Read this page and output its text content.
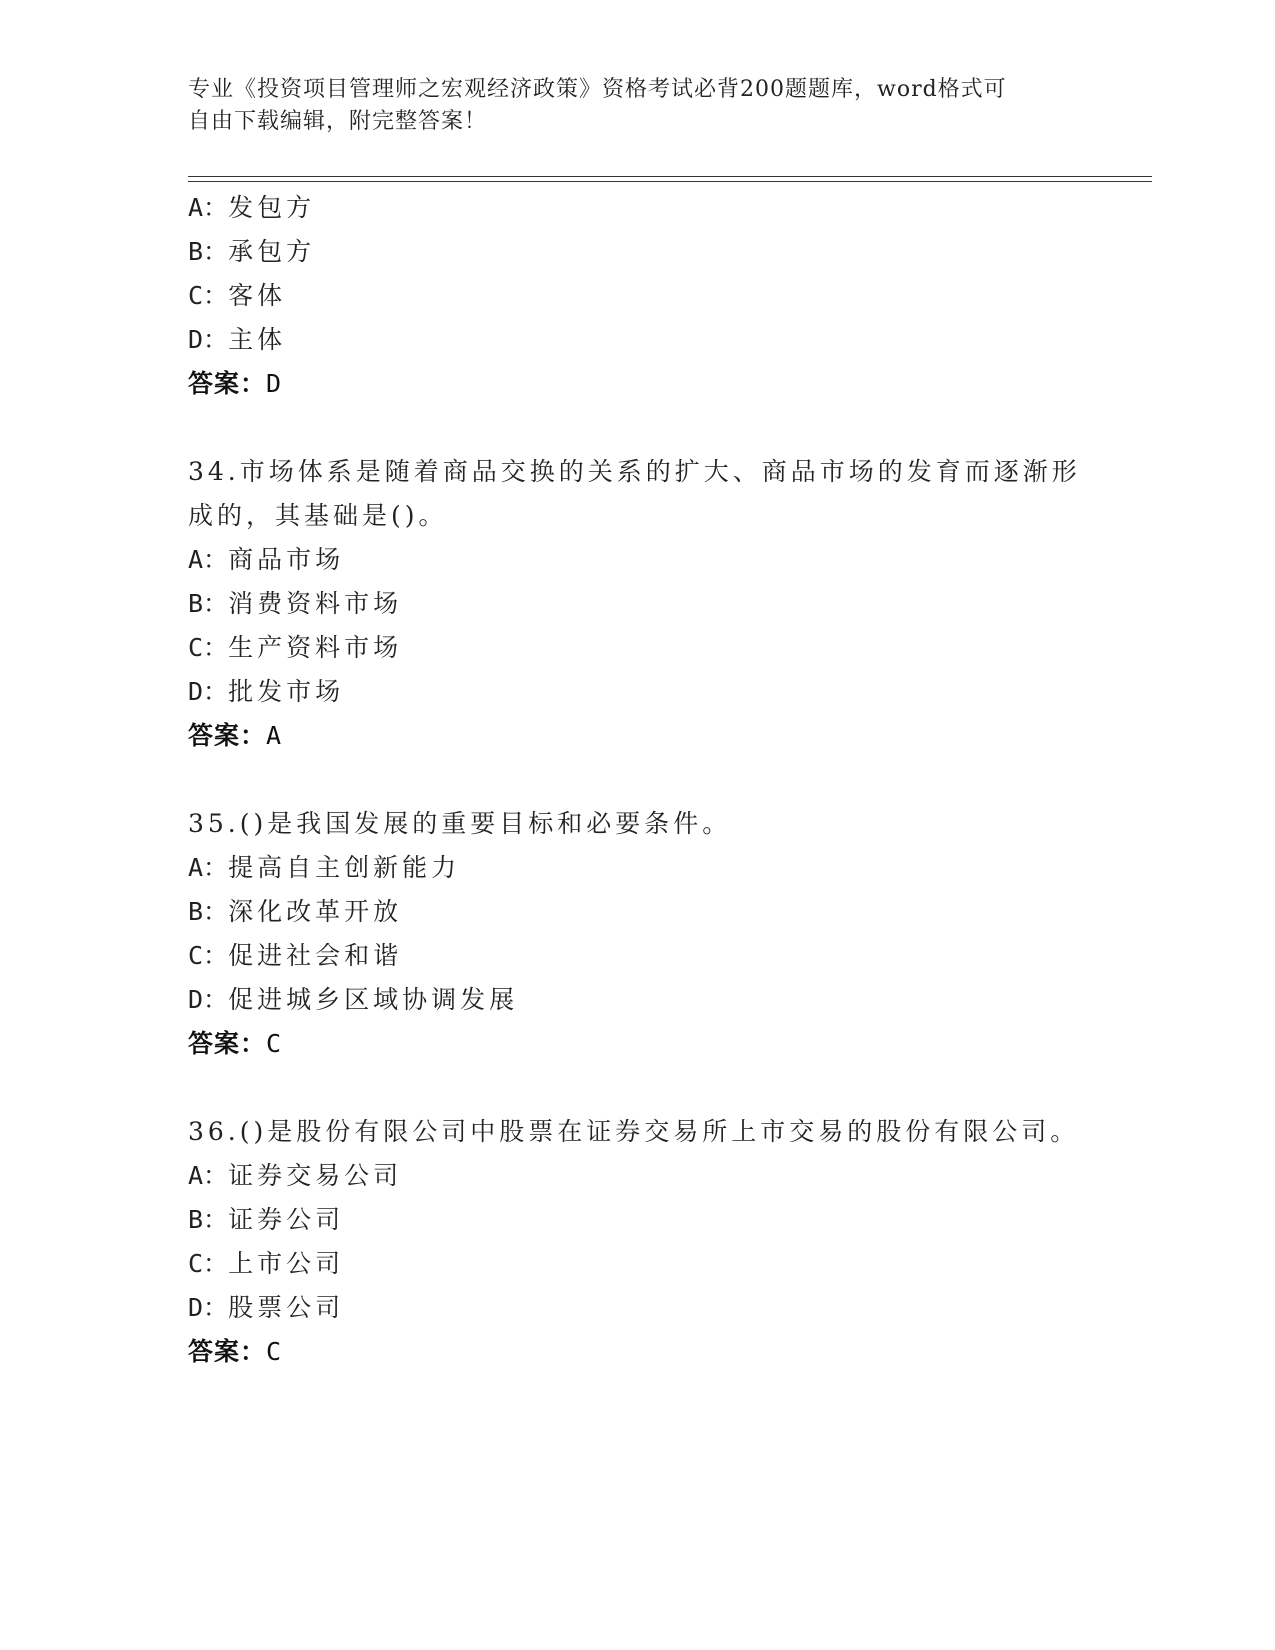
专业《投资项目管理师之宏观经济政策》资格考试必背200题题库，word格式可
自由下载编辑，附完整答案！
A：发包方
B：承包方
C：客体
D：主体
答案：D
34.市场体系是随着商品交换的关系的扩大、商品市场的发育而逐渐形
成的，其基础是()。
A：商品市场
B：消费资料市场
C：生产资料市场
D：批发市场
答案：A
35.()是我国发展的重要目标和必要条件。
A：提高自主创新能力
B：深化改革开放
C：促进社会和谐
D：促进城乡区域协调发展
答案：C
36.()是股份有限公司中股票在证券交易所上市交易的股份有限公司。
A：证券交易公司
B：证券公司
C：上市公司
D：股票公司
答案：C
